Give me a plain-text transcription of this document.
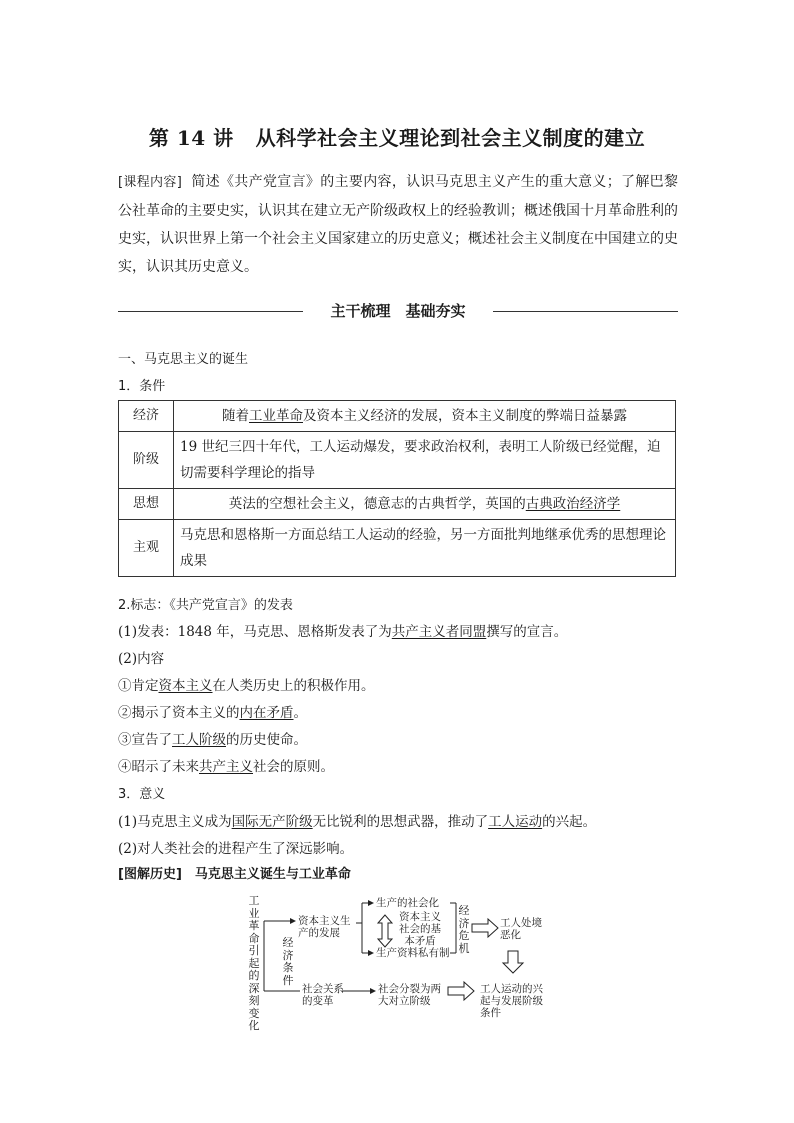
第 14 讲 从科学社会主义理论到社会主义制度的建立
[课程内容] 简述《共产党宣言》的主要内容，认识马克思主义产生的重大意义；了解巴黎公社革命的主要史实，认识其在建立无产阶级政权上的经验教训；概述俄国十月革命胜利的史实，认识世界上第一个社会主义国家建立的历史意义；概述社会主义制度在中国建立的史实，认识其历史意义。
主干梳理　基础夯实
一、马克思主义的诞生
1．条件
经济	随着工业革命及资本主义经济的发展，资本主义制度的弊端日益暴露
阶级	19 世纪三四十年代，工人运动爆发，要求政治权利，表明工人阶级已经觉醒，迫切需要科学理论的指导
思想	英法的空想社会主义，德意志的古典哲学，英国的古典政治经济学
主观	马克思和恩格斯一方面总结工人运动的经验，另一方面批判地继承优秀的思想理论成果
2.标志：《共产党宣言》的发表
(1)发表：1848 年，马克思、恩格斯发表了为共产主义者同盟撰写的宣言。
(2)内容
①肯定资本主义在人类历史上的积极作用。
②揭示了资本主义的内在矛盾。
③宣告了工人阶级的历史使命。
④昭示了未来共产主义社会的原则。
3．意义
(1)马克思主义成为国际无产阶级无比锐利的思想武器，推动了工人运动的兴起。
(2)对人类社会的进程产生了深远影响。
[图解历史]　马克思主义诞生与工业革命
工业革命引起的深刻变化
经济条件
资本主义生产的发展
生产的社会化
资本主义社会的基本矛盾
生产资料私有制
经济危机
工人处境恶化
社会关系的变革
社会分裂为两大对立阶级
工人运动的兴起与发展阶级条件
